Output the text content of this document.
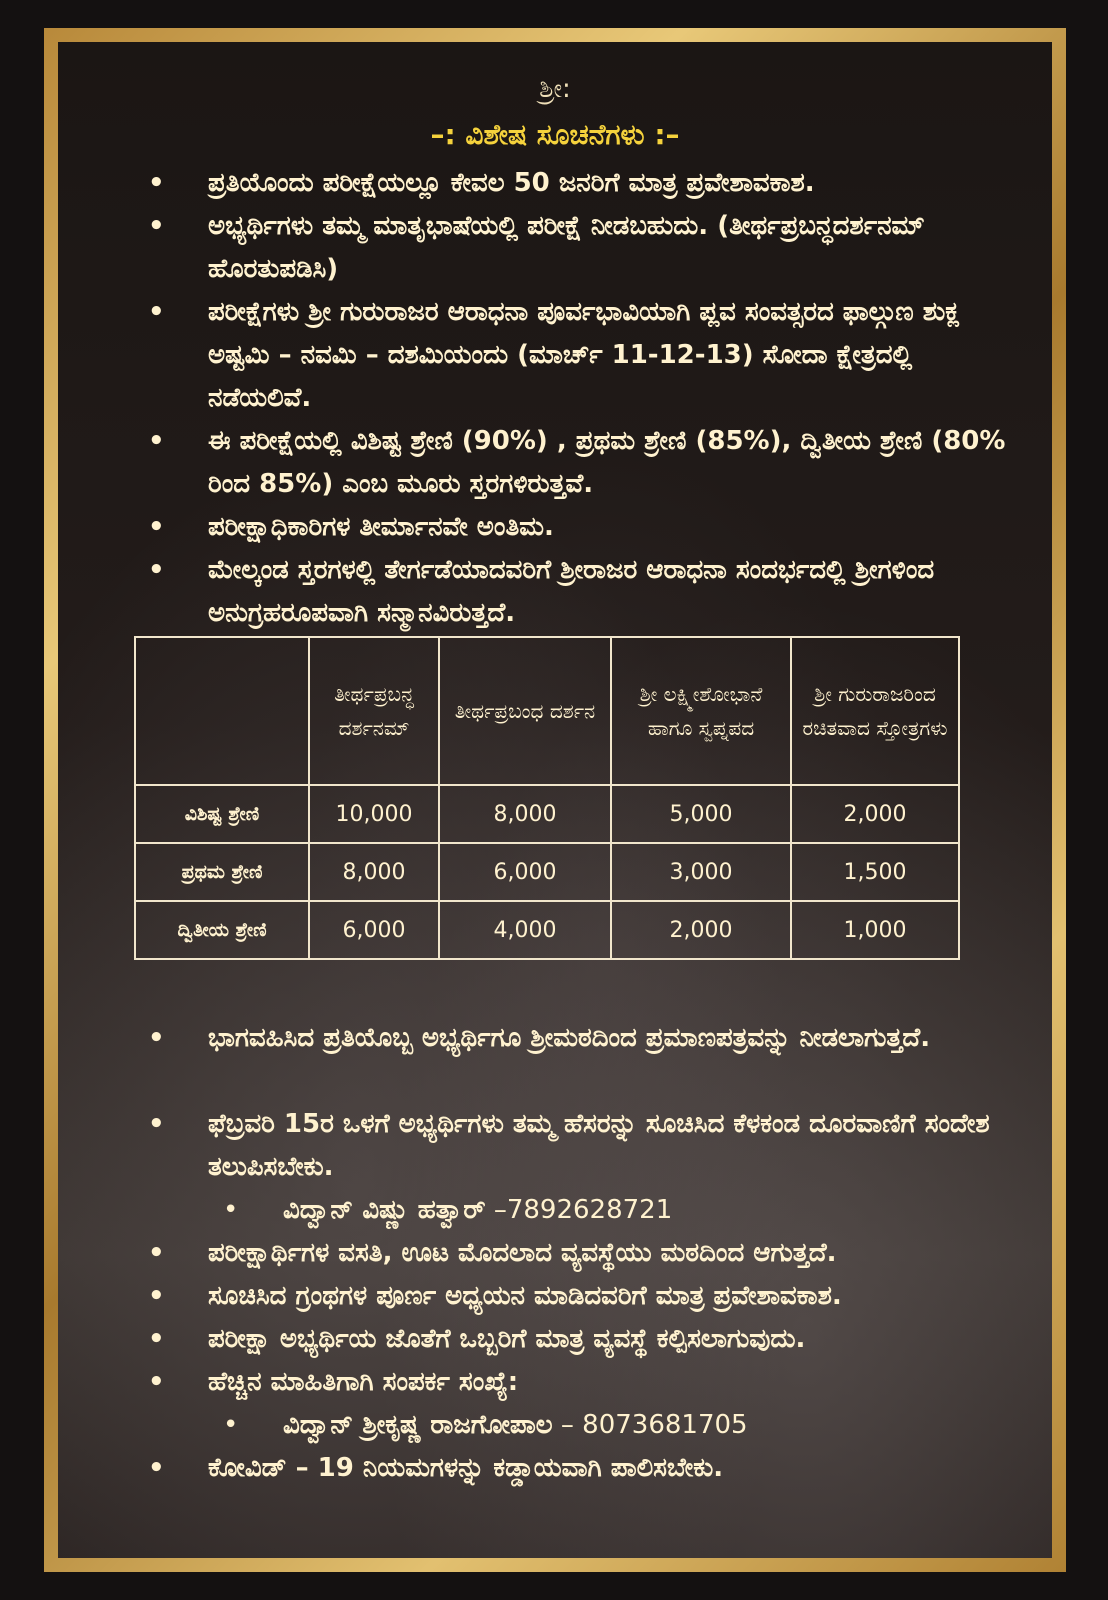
ಶ್ರೀ:
–: ವಿಶೇಷ ಸೂಚನೆಗಳು :–
• ಪ್ರತಿಯೊಂದು ಪರೀಕ್ಷೆಯಲ್ಲೂ ಕೇವಲ 50 ಜನರಿಗೆ ಮಾತ್ರ ಪ್ರವೇಶಾವಕಾಶ.
• ಅಭ್ಯರ್ಥಿಗಳು ತಮ್ಮ ಮಾತೃಭಾಷೆಯಲ್ಲಿ ಪರೀಕ್ಷೆ ನೀಡಬಹುದು. (ತೀರ್ಥಪ್ರಬನ್ಧದರ್ಶನಮ್ ಹೊರತುಪಡಿಸಿ)
• ಪರೀಕ್ಷೆಗಳು ಶ್ರೀ ಗುರುರಾಜರ ಆರಾಧನಾ ಪೂರ್ವಭಾವಿಯಾಗಿ ಪ್ಲವ ಸಂವತ್ಸರದ ಫಾಲ್ಗುಣ ಶುಕ್ಲ ಅಷ್ಟಮಿ – ನವಮಿ – ದಶಮಿಯಂದು (ಮಾರ್ಚ್ 11-12-13) ಸೋದಾ ಕ್ಷೇತ್ರದಲ್ಲಿ ನಡೆಯಲಿವೆ.
• ಈ ಪರೀಕ್ಷೆಯಲ್ಲಿ ವಿಶಿಷ್ಟ ಶ್ರೇಣಿ (90%) , ಪ್ರಥಮ ಶ್ರೇಣಿ (85%), ದ್ವಿತೀಯ ಶ್ರೇಣಿ (80% ರಿಂದ 85%) ಎಂಬ ಮೂರು ಸ್ತರಗಳಿರುತ್ತವೆ.
• ಪರೀಕ್ಷಾಧಿಕಾರಿಗಳ ತೀರ್ಮಾನವೇ ಅಂತಿಮ.
• ಮೇಲ್ಕಂಡ ಸ್ತರಗಳಲ್ಲಿ ತೇರ್ಗಡೆಯಾದವರಿಗೆ ಶ್ರೀರಾಜರ ಆರಾಧನಾ ಸಂದರ್ಭದಲ್ಲಿ ಶ್ರೀಗಳಿಂದ ಅನುಗ್ರಹರೂಪವಾಗಿ ಸನ್ಮಾನವಿರುತ್ತದೆ.
	ತೀರ್ಥಪ್ರಬನ್ಧ ದರ್ಶನಮ್	ತೀರ್ಥಪ್ರಬಂಧ ದರ್ಶನ	ಶ್ರೀ ಲಕ್ಷ್ಮೀಶೋಭಾನೆ ಹಾಗೂ ಸ್ವಪ್ನಪದ	ಶ್ರೀ ಗುರುರಾಜರಿಂದ ರಚಿತವಾದ ಸ್ತೋತ್ರಗಳು
ವಿಶಿಷ್ಟ ಶ್ರೇಣಿ	10,000	8,000	5,000	2,000
ಪ್ರಥಮ ಶ್ರೇಣಿ	8,000	6,000	3,000	1,500
ದ್ವಿತೀಯ ಶ್ರೇಣಿ	6,000	4,000	2,000	1,000
• ಭಾಗವಹಿಸಿದ ಪ್ರತಿಯೊಬ್ಬ ಅಭ್ಯರ್ಥಿಗೂ ಶ್ರೀಮಠದಿಂದ ಪ್ರಮಾಣಪತ್ರವನ್ನು ನೀಡಲಾಗುತ್ತದೆ.
• ಫೆಬ್ರವರಿ 15ರ ಒಳಗೆ ಅಭ್ಯರ್ಥಿಗಳು ತಮ್ಮ ಹೆಸರನ್ನು ಸೂಚಿಸಿದ ಕೆಳಕಂಡ ದೂರವಾಣಿಗೆ ಸಂದೇಶ ತಲುಪಿಸಬೇಕು.
• ವಿದ್ವಾನ್ ವಿಷ್ಣು ಹತ್ವಾರ್ –7892628721
• ಪರೀಕ್ಷಾರ್ಥಿಗಳ ವಸತಿ, ಊಟ ಮೊದಲಾದ ವ್ಯವಸ್ಥೆಯು ಮಠದಿಂದ ಆಗುತ್ತದೆ.
• ಸೂಚಿಸಿದ ಗ್ರಂಥಗಳ ಪೂರ್ಣ ಅಧ್ಯಯನ ಮಾಡಿದವರಿಗೆ ಮಾತ್ರ ಪ್ರವೇಶಾವಕಾಶ.
• ಪರೀಕ್ಷಾ ಅಭ್ಯರ್ಥಿಯ ಜೊತೆಗೆ ಒಬ್ಬರಿಗೆ ಮಾತ್ರ ವ್ಯವಸ್ಥೆ ಕಲ್ಪಿಸಲಾಗುವುದು.
• ಹೆಚ್ಚಿನ ಮಾಹಿತಿಗಾಗಿ ಸಂಪರ್ಕ ಸಂಖ್ಯೆ:
• ವಿದ್ವಾನ್ ಶ್ರೀಕೃಷ್ಣ ರಾಜಗೋಪಾಲ – 8073681705
• ಕೋವಿಡ್ – 19 ನಿಯಮಗಳನ್ನು ಕಡ್ಡಾಯವಾಗಿ ಪಾಲಿಸಬೇಕು.
